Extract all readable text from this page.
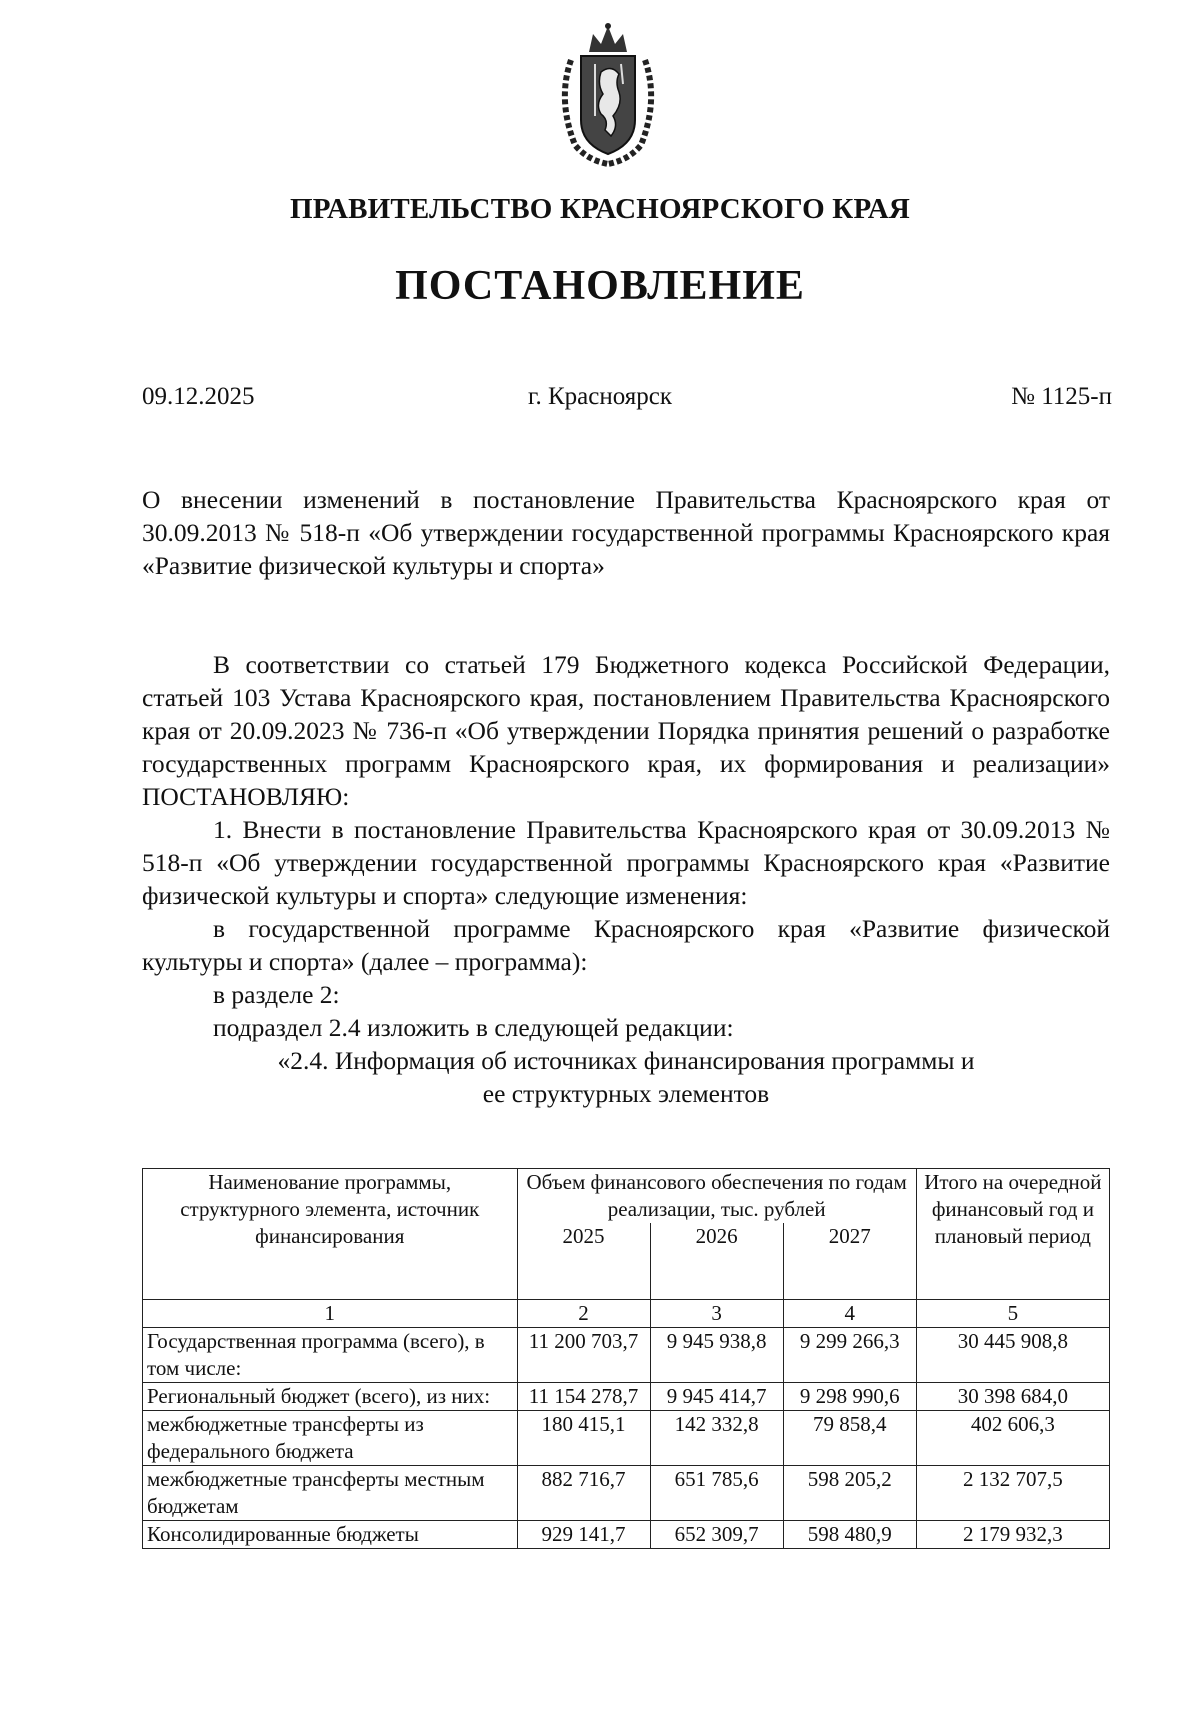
ПРАВИТЕЛЬСТВО КРАСНОЯРСКОГО КРАЯ
ПОСТАНОВЛЕНИЕ
09.12.2025	г. Красноярск	№ 1125-п
О внесении изменений в постановление Правительства Красноярского края от 30.09.2013 № 518-п «Об утверждении государственной программы Красноярского края «Развитие физической культуры и спорта»

В соответствии со статьей 179 Бюджетного кодекса Российской Федерации, статьей 103 Устава Красноярского края, постановлением Правительства Красноярского края от 20.09.2023 № 736-п «Об утверждении Порядка принятия решений о разработке государственных программ Красноярского края, их формирования и реализации» ПОСТАНОВЛЯЮ:

1. Внести в постановление Правительства Красноярского края от 30.09.2013 № 518-п «Об утверждении государственной программы Красноярского края «Развитие физической культуры и спорта» следующие изменения:

в государственной программе Красноярского края «Развитие физической культуры и спорта» (далее – программа):

в разделе 2:

подраздел 2.4 изложить в следующей редакции:

«2.4. Информация об источниках финансирования программы и

ее структурных элементов

Наименование программы, структурного элемента, источник финансирования	Объем финансового обеспечения по годам реализации, тыс. рублей			Итого на очередной финансовый год и плановый период
	2025	2026	2027	
1	2	3	4	5
Государственная программа (всего), в том числе:	11 200 703,7	9 945 938,8	9 299 266,3	30 445 908,8
Региональный бюджет (всего), из них:	11 154 278,7	9 945 414,7	9 298 990,6	30 398 684,0
межбюджетные трансферты из федерального бюджета	180 415,1	142 332,8	79 858,4	402 606,3
межбюджетные трансферты местным бюджетам	882 716,7	651 785,6	598 205,2	2 132 707,5
Консолидированные бюджеты	929 141,7	652 309,7	598 480,9	2 179 932,3
